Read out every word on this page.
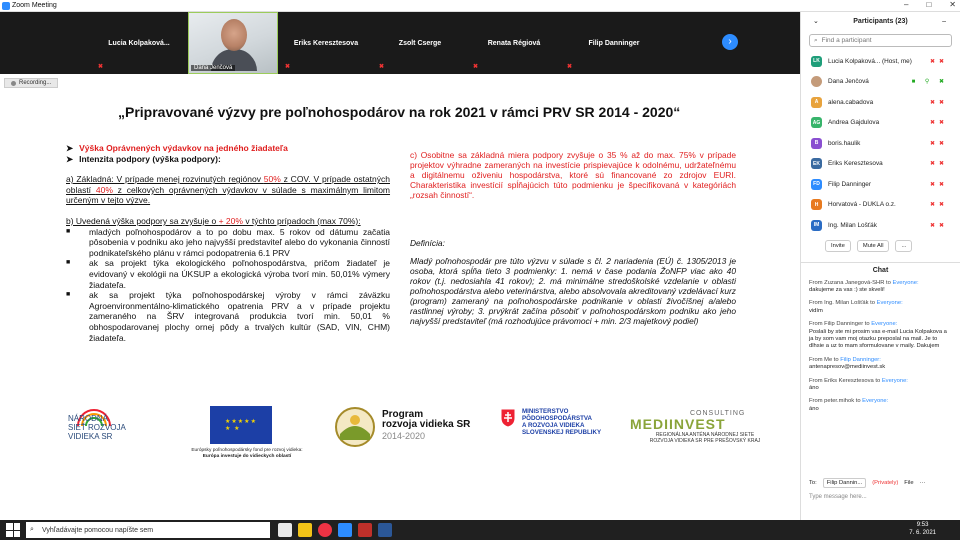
Zoom Meeting	– □ ✕
Lucia Kolpaková...
✖	Dana Jenčová
Eriks Keresztesova
✖
Zsolt Cserge
✖
Renata Régiová
✖
Filip Danninger
✖
›
Recording...
„Pripravované výzvy pre poľnohospodárov na rok 2021 v rámci PRV SR 2014 - 2020“
➤ Výška Oprávnených výdavkov na jedného žiadateľa
➤ Intenzita podpory (výška podpory):

a) Základná: V prípade menej rozvinutých regiónov 50% z COV. V prípade ostatných oblastí 40% z celkových oprávnených výdavkov v súlade s maximálnym limitom určeným v tejto výzve.

b) Uvedená výška podpory sa zvyšuje o + 20% v týchto prípadoch (max 70%):

■ mladých poľnohospodárov a to po dobu max. 5 rokov od dátumu začatia pôsobenia v podniku ako jeho najvyšší predstaviteľ alebo do vykonania činností podnikateľského plánu v rámci podopatrenia 6.1 PRV
■ ak sa projekt týka ekologického poľnohospodárstva, pričom žiadateľ je evidovaný v ekológii na ÚKSUP a ekologická výroba tvorí min. 50,01% výmery žiadateľa.
■ ak sa projekt týka poľnohospodárskej výroby v rámci záväzku Agroenvironmentálno-klimatického opatrenia PRV a v prípade projektu zameraného na ŠRV integrovaná produkcia tvorí min. 50,01 % obhospodarovanej plochy ornej pôdy a trvalých kultúr (SAD, VIN, CHM) žiadateľa.

c) Osobitne sa základná miera podpory zvyšuje o 35 % až do max. 75% v prípade projektov výhradne zameraných na investície prispievajúce k odolnému, udržateľnému a digitálnemu oživeniu hospodárstva, ktoré sú financované zo zdrojov EURI. Charakteristika investícií spĺňajúcich túto podmienku je špecifikovaná v kategóriách „rozsah činností“.

Definícia:

Mladý poľnohospodár pre túto výzvu v súlade s čl. 2 nariadenia (EÚ) č. 1305/2013 je osoba, ktorá spĺňa tieto 3 podmienky: 1. nemá v čase podania ŽoNFP viac ako 40 rokov (t.j. nedosiahla 41 rokov); 2. má minimálne stredoškolské vzdelanie v oblasti poľnohospodárstva alebo veterinárstva, alebo absolvovala akreditovaný vzdelávací kurz (program) zameraný na poľnohospodárske podnikanie v oblasti živočíšnej a/alebo rastlinnej výroby; 3. prvýkrát začína pôsobiť v poľnohospodárskom podniku ako jeho najvyšší predstaviteľ (má rozhodujúce právomoci + min. 2/3 majetkový podiel)

NÁRODNÁ
SIEŤ ROZVOJA
VIDIEKA SR
★★★★★
★ ★
Európsky poľnohospodársky fond pre rozvoj vidieka:
Európa investuje do vidieckych oblastí
Program
rozvoja vidieka SR
2014-2020
MINISTERSTVO
PÔDOHOSPODÁRSTVA
A ROZVOJA VIDIEKA
SLOVENSKEJ REPUBLIKY
CONSULTING
MEDIINVEST
REGIONÁLNA ANTÉNA NÁRODNEJ SIETE
ROZVOJA VIDIEKA SR PRE PREŠOVSKÝ KRAJ
⌄	Participants (23)	–
⌕ Find a participant
LK	Lucia Kolpaková... (Host, me)	✖✖
Dana Jenčová	■ ⚲ ✖
A	alena.cabadova	✖✖
AG Andrea Gajdulova	✖✖
B	boris.haulik	✖✖
EK	Eriks Keresztesova	✖✖
FD	Filip Danninger	✖✖
H	Horvatová - DUKLA o.z.	✖✖
IM	Ing. Milan Lošťák	✖✖
Invite	Mute All	...
Chat
From Zuzana Janegová-SHR to Everyone:
dakujeme za vas :) ste skveli!
From Ing. Milan Lošťák to Everyone:
vidím
From Filip Danninger to Everyone:
Poslali by ste mi prosim vas e-mail Lucia Kolpakova a ja by som vam moj otazku preposlal na mail. Je to dlhsie a uz to mam sformulovane v maily. Dakujem
From Me to Filip Danninger:
antenapresov@mediinvest.sk
From Eriks Keresztesova to Everyone:
áno
From peter.mihok to Everyone:
áno
To:	Filip Dannin...	(Privately) File ···
Type message here...
⌕ Vyhľadávajte pomocou napíšte sem
9:53
7. 6. 2021
